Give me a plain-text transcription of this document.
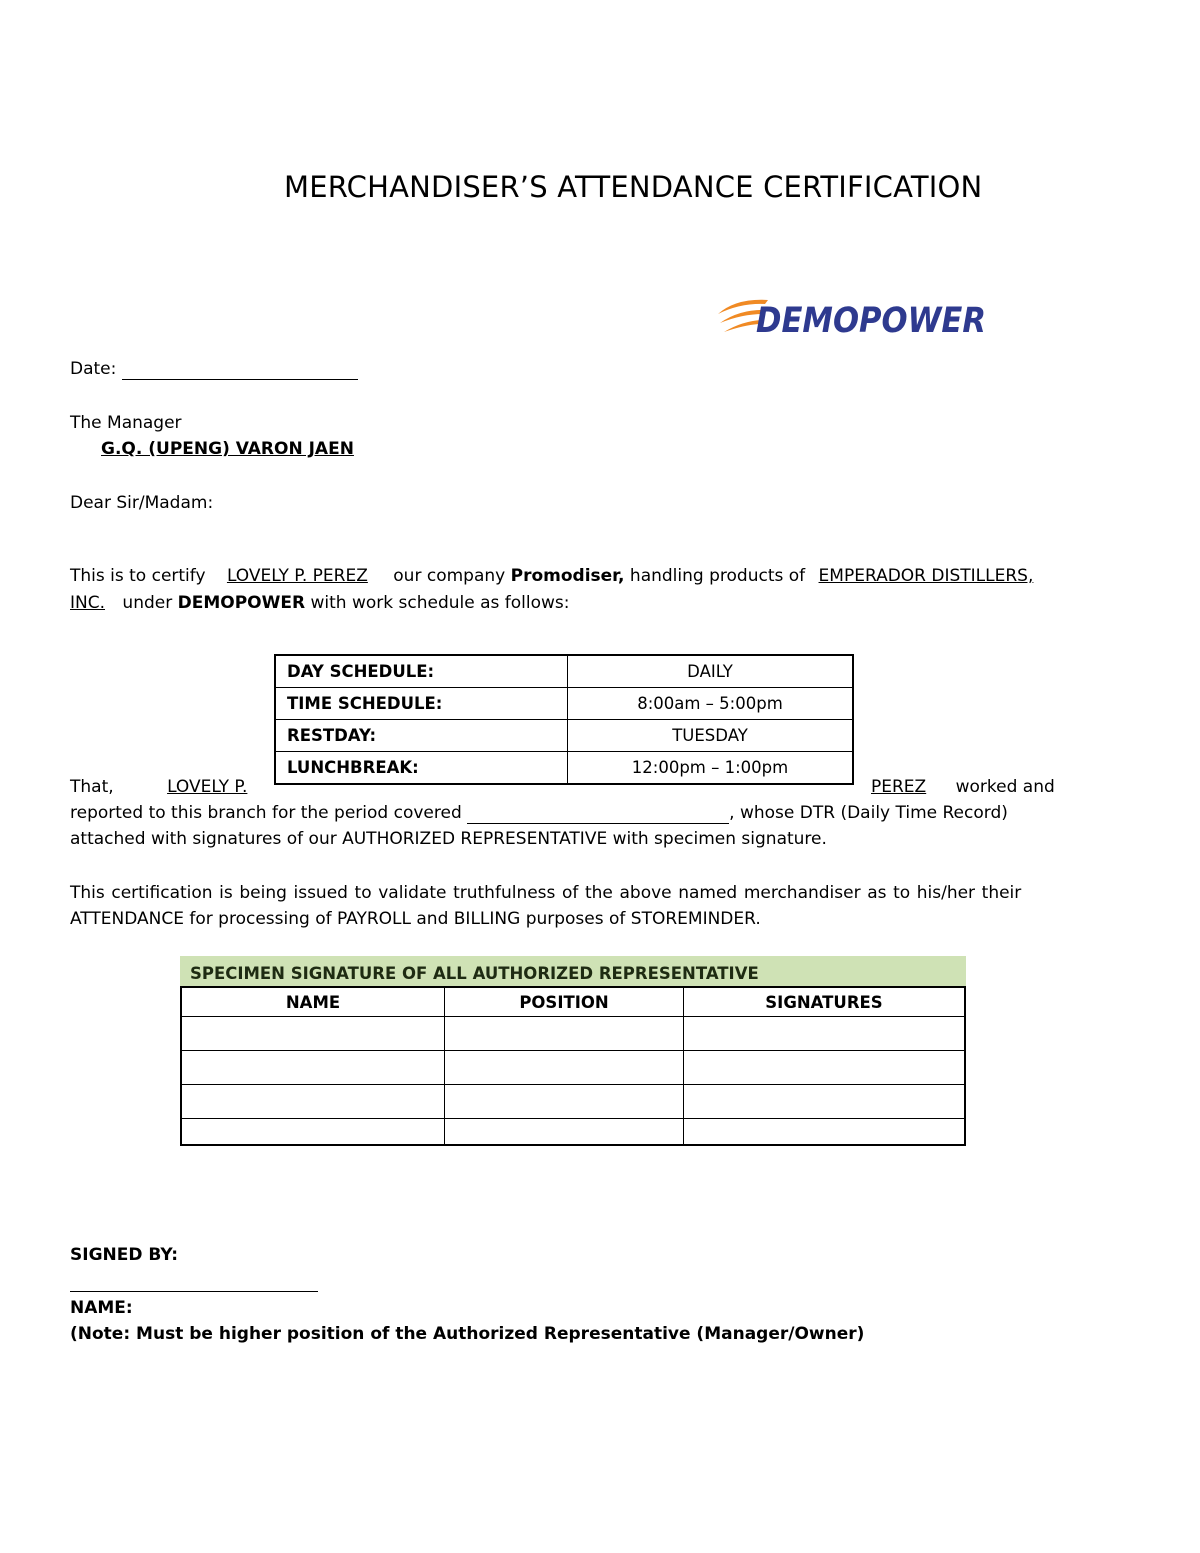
MERCHANDISER’S ATTENDANCE CERTIFICATION
DEMOPOWER
Date:
The Manager
G.Q. (UPENG) VARON JAEN
Dear Sir/Madam:
This is to certify LOVELY P. PEREZ our company Promodiser, handling products of EMPERADOR DISTILLERS,
INC. under DEMOPOWER with work schedule as follows:
DAY SCHEDULE:	DAILY
TIME SCHEDULE:	8:00am – 5:00pm
RESTDAY:	TUESDAY
LUNCHBREAK:	12:00pm – 1:00pm
That,	LOVELY P.	PEREZ worked and
reported to this branch for the period covered	, whose DTR (Daily Time Record)
attached with signatures of our AUTHORIZED REPRESENTATIVE with specimen signature.
This certification is being issued to validate truthfulness of the above named merchandiser as to his/her their
ATTENDANCE for processing of PAYROLL and BILLING purposes of STOREMINDER.
SPECIMEN SIGNATURE OF ALL AUTHORIZED REPRESENTATIVE
NAME	POSITION	SIGNATURES

SIGNED BY:
NAME:
(Note: Must be higher position of the Authorized Representative (Manager/Owner)
